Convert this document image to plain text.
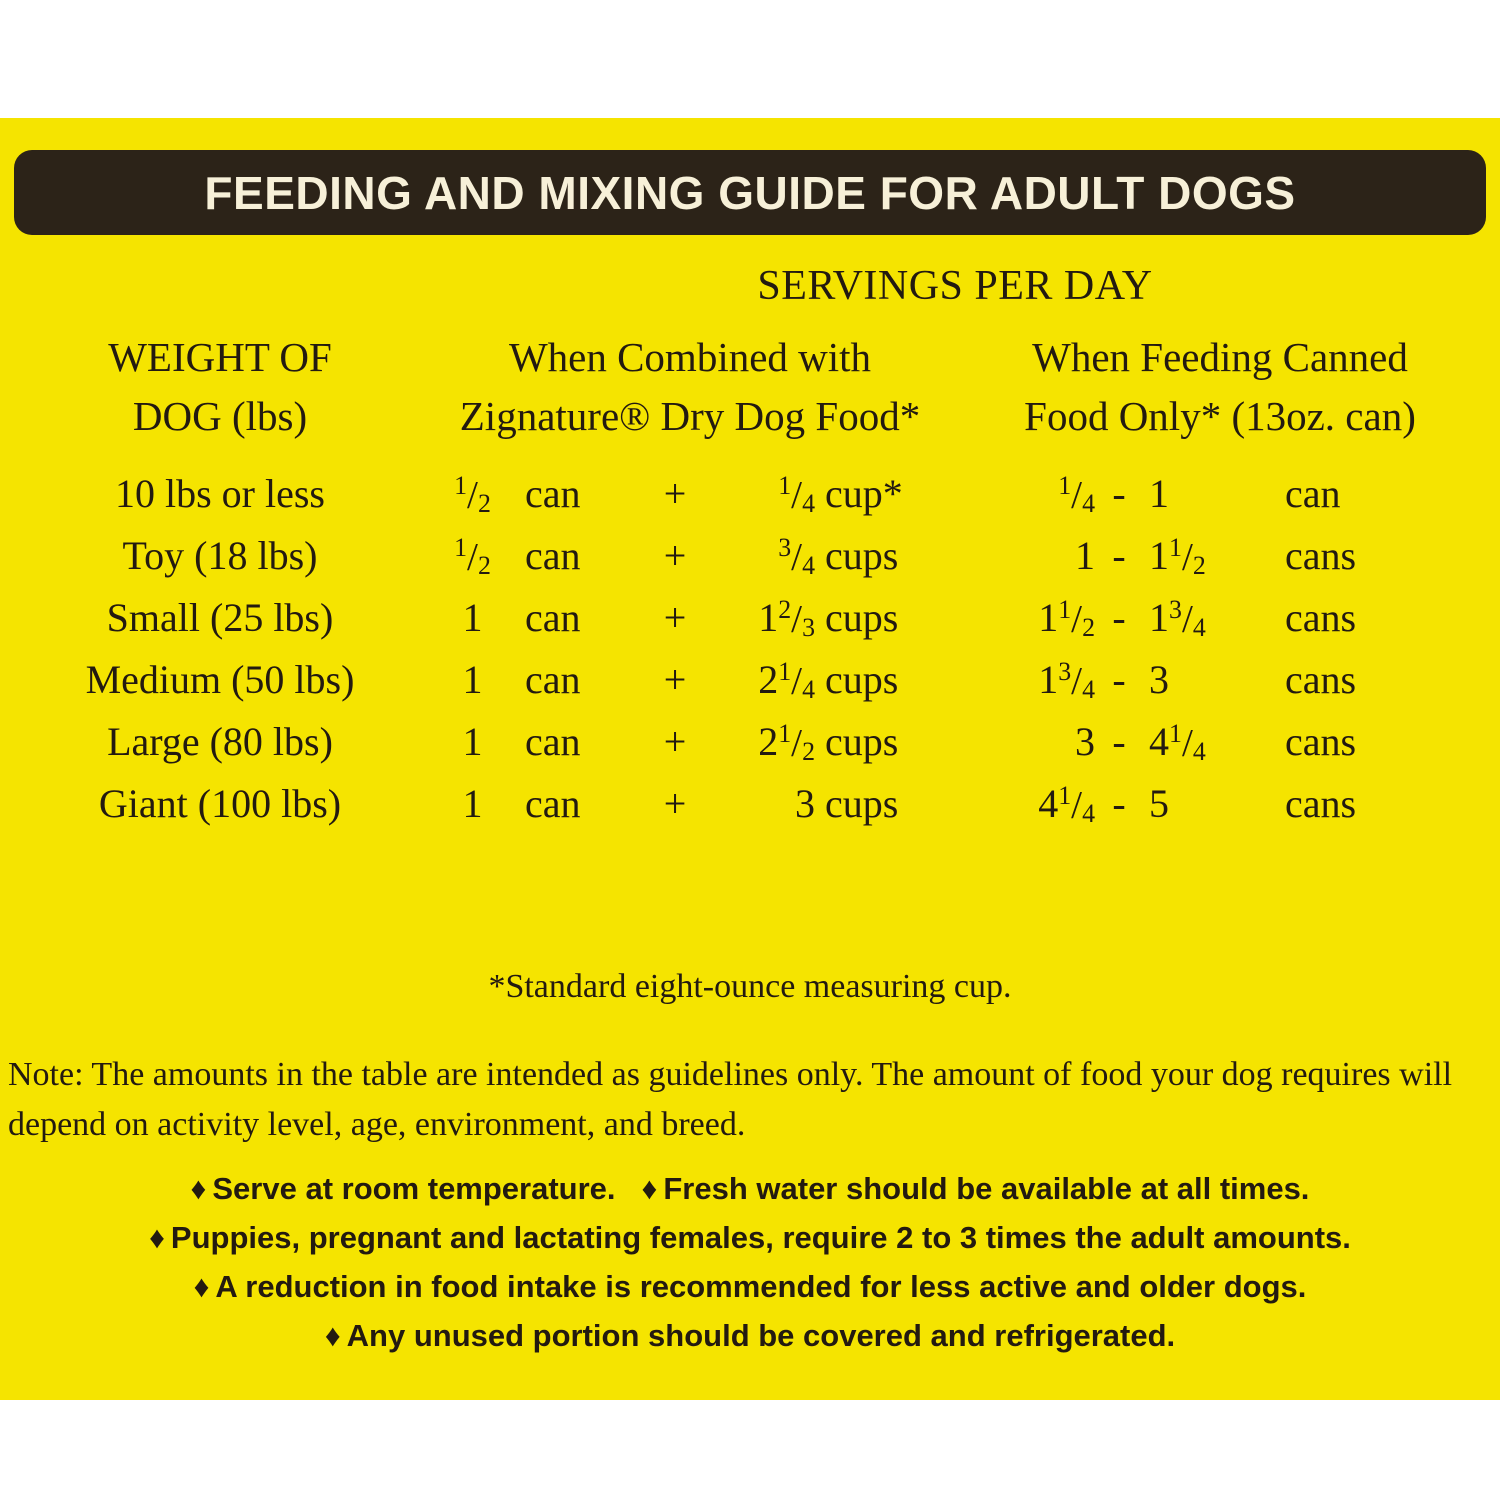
FEEDING AND MIXING GUIDE FOR ADULT DOGS
SERVINGS PER DAY
WEIGHT OF
DOG (lbs)
When Combined with
Zignature® Dry Dog Food*
When Feeding Canned
Food Only* (13oz. can)
10 lbs or less	$^1$/2 can	+	$^1$/4 cup*	$^1$/4 - 1	can
Toy (18 lbs)	$^1$/2 can	+	$^3$/4 cups	$1 - 1^1/2$	cans
Small (25 lbs)	1	can	+	$1^2/3$ cups	$1^1/2 - 1^3/4$	cans
Medium (50 lbs)	1	can	+	$2^1/4$ cups	$1^3/4 - 3$	cans
Large (80 lbs)	1	can	+	$2^1/2$ cups	$3 - 4^1/4$	cans
Giant (100 lbs)	1	can	+	3 cups	$4^1/4 - 5$	cans
*Standard eight-ounce measuring cup.
Note: The amounts in the table are intended as guidelines only. The amount of food your dog requires will depend on activity level, age, environment, and breed.
♦ Serve at room temperature. ♦ Fresh water should be available at all times.
♦ Puppies, pregnant and lactating females, require 2 to 3 times the adult amounts.
♦ A reduction in food intake is recommended for less active and older dogs.
♦ Any unused portion should be covered and refrigerated.
